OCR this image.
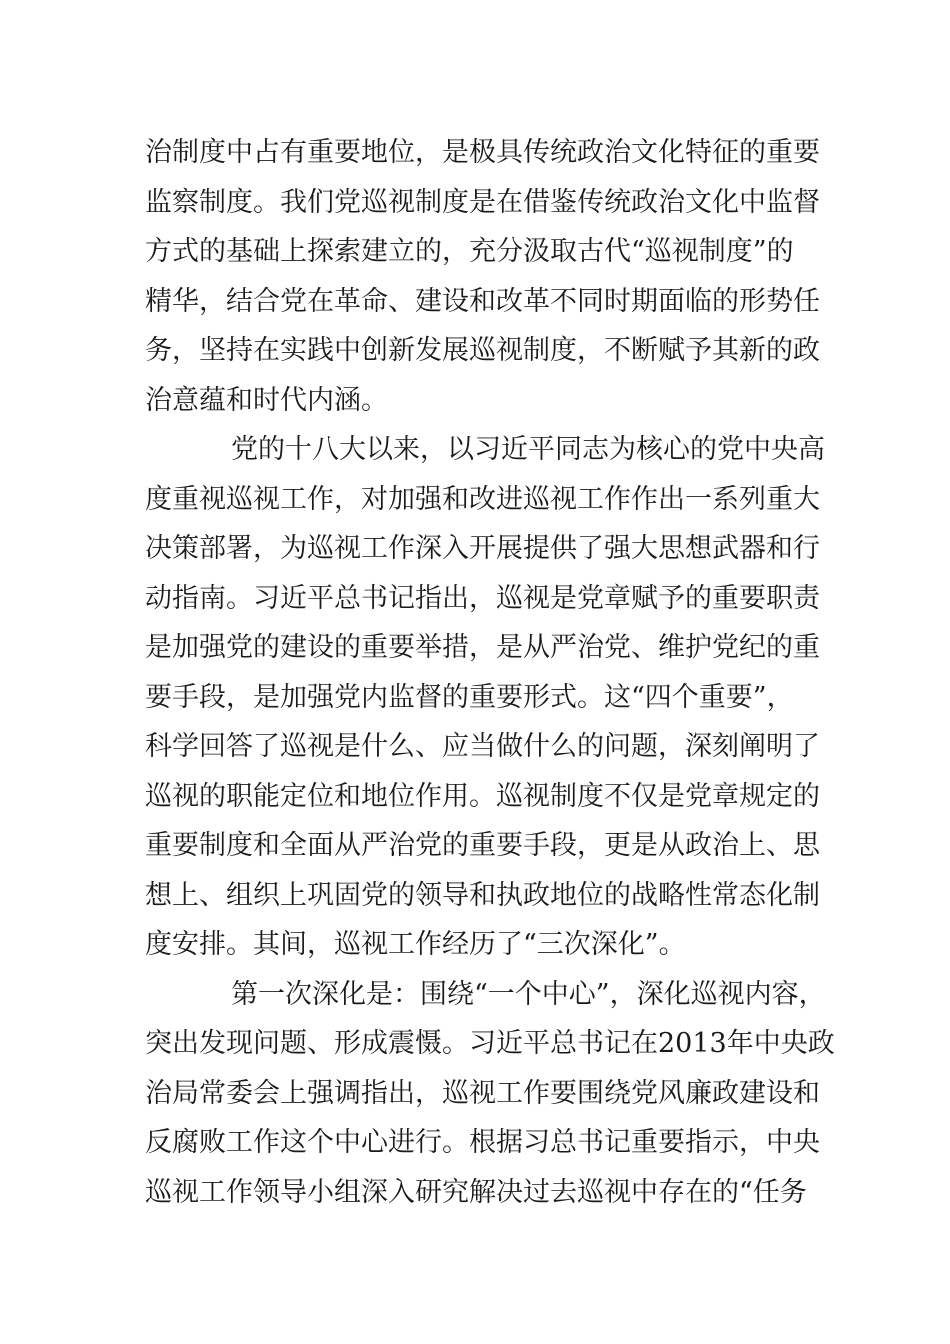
治制度中占有重要地位，是极具传统政治文化特征的重要
监察制度。我们党巡视制度是在借鉴传统政治文化中监督
方式的基础上探索建立的，充分汲取古代“巡视制度”的
精华，结合党在革命、建设和改革不同时期面临的形势任
务，坚持在实践中创新发展巡视制度，不断赋予其新的政
治意蕴和时代内涵。
党的十八大以来，以习近平同志为核心的党中央高
度重视巡视工作，对加强和改进巡视工作作出一系列重大
决策部署，为巡视工作深入开展提供了强大思想武器和行
动指南。习近平总书记指出，巡视是党章赋予的重要职责
是加强党的建设的重要举措，是从严治党、维护党纪的重
要手段，是加强党内监督的重要形式。这“四个重要”，
科学回答了巡视是什么、应当做什么的问题，深刻阐明了
巡视的职能定位和地位作用。巡视制度不仅是党章规定的
重要制度和全面从严治党的重要手段，更是从政治上、思
想上、组织上巩固党的领导和执政地位的战略性常态化制
度安排。其间，巡视工作经历了“三次深化”。
第一次深化是：围绕“一个中心”，深化巡视内容，
突出发现问题、形成震慑。习近平总书记在2013年中央政
治局常委会上强调指出，巡视工作要围绕党风廉政建设和
反腐败工作这个中心进行。根据习总书记重要指示，中央
巡视工作领导小组深入研究解决过去巡视中存在的“任务
